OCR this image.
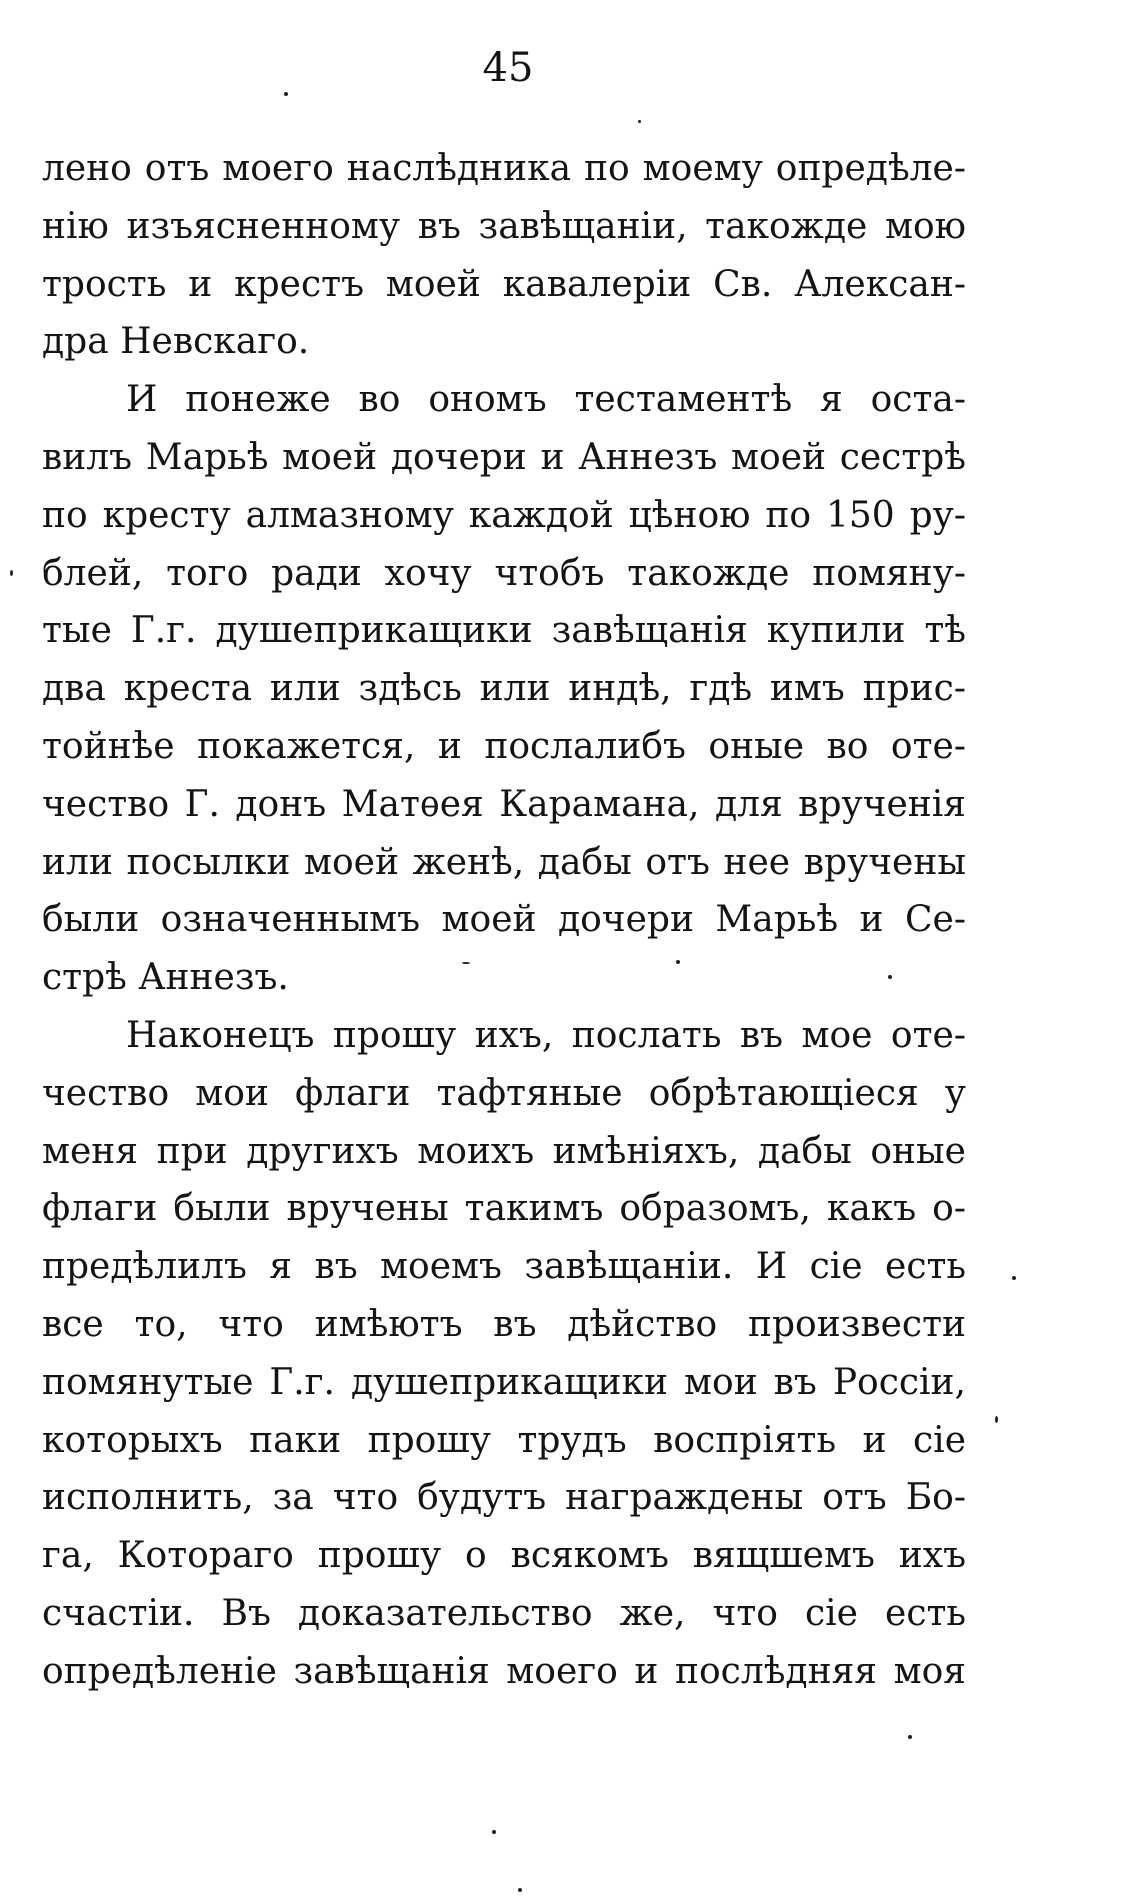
45
лено отъ моего наслѣдника по моему опредѣле-
нію изъясненному въ завѣщаніи, такожде мою
трость и крестъ моей кавалеріи Св. Алексан-
дра Невскаго.
И понеже во ономъ тестаментѣ я оста-
вилъ Марьѣ моей дочери и Аннезъ моей сестрѣ
по кресту алмазному каждой цѣною по 150 ру-
блей, того ради хочу чтобъ такожде помяну-
тые Г.г. душеприкащики завѣщанія купили тѣ
два креста или здѣсь или индѣ, гдѣ имъ прис-
тойнѣе покажется, и послалибъ оные во оте-
чество Г. донъ Матѳея Карамана, для врученія
или посылки моей женѣ, дабы отъ нее вручены
были означеннымъ моей дочери Марьѣ и Се-
стрѣ Аннезъ.
Наконецъ прошу ихъ, послать въ мое оте-
чество мои флаги тафтяные обрѣтающіеся у
меня при другихъ моихъ имѣніяхъ, дабы оные
флаги были вручены такимъ образомъ, какъ о-
предѣлилъ я въ моемъ завѣщаніи. И сіе есть
все то, что имѣютъ въ дѣйство произвести
помянутые Г.г. душеприкащики мои въ Россіи,
которыхъ паки прошу трудъ воспріять и сіе
исполнить, за что будутъ награждены отъ Бо-
га, Котораго прошу о всякомъ вящшемъ ихъ
счастіи. Въ доказательство же, что сіе есть
опредѣленіе завѣщанія моего и послѣдняя моя
